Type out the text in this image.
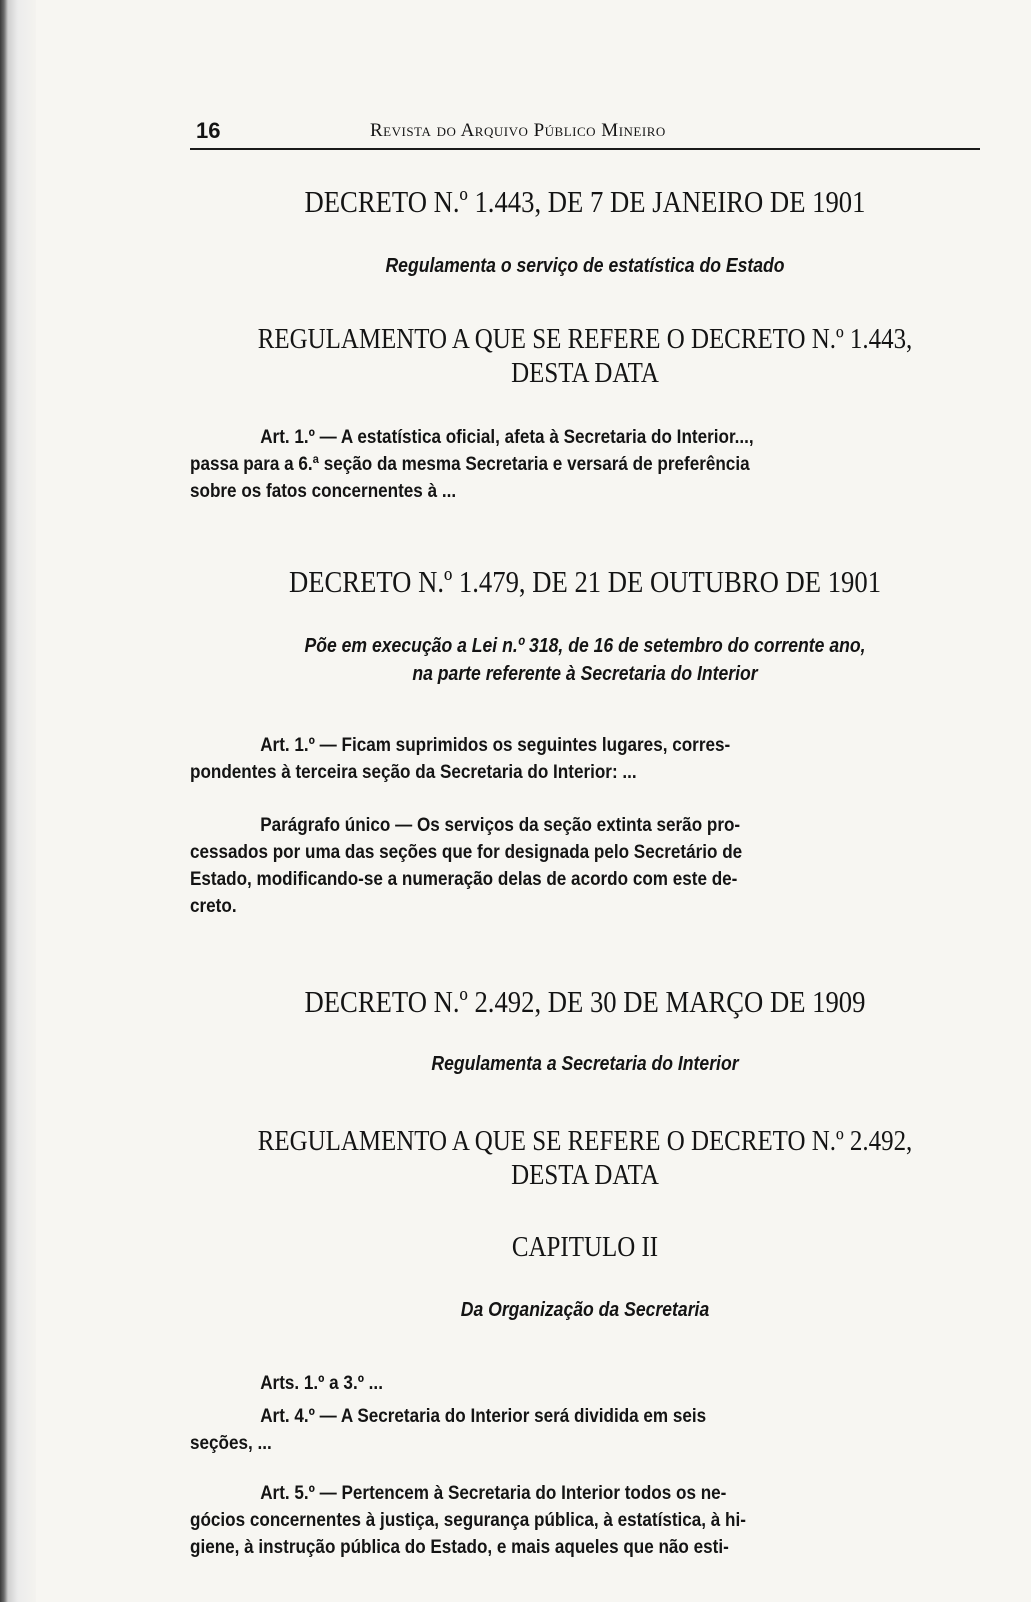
16	Revista do Arquivo Público Mineiro
DECRETO N.º 1.443, DE 7 DE JANEIRO DE 1901
Regulamenta o serviço de estatística do Estado
REGULAMENTO A QUE SE REFERE O DECRETO N.º 1.443,
DESTA DATA
Art. 1.º — A estatística oficial, afeta à Secretaria do Interior...,
passa para a 6.ª seção da mesma Secretaria e versará de preferência
sobre os fatos concernentes à ...
DECRETO N.º 1.479, DE 21 DE OUTUBRO DE 1901
Põe em execução a Lei n.º 318, de 16 de setembro do corrente ano,
na parte referente à Secretaria do Interior
Art. 1.º — Ficam suprimidos os seguintes lugares, corres-
pondentes à terceira seção da Secretaria do Interior: ...
Parágrafo único — Os serviços da seção extinta serão pro-
cessados por uma das seções que for designada pelo Secretário de
Estado, modificando-se a numeração delas de acordo com este de-
creto.
DECRETO N.º 2.492, DE 30 DE MARÇO DE 1909
Regulamenta a Secretaria do Interior
REGULAMENTO A QUE SE REFERE O DECRETO N.º 2.492,
DESTA DATA
CAPITULO II
Da Organização da Secretaria
Arts. 1.º a 3.º ...
Art. 4.º — A Secretaria do Interior será dividida em seis
seções, ...
Art. 5.º — Pertencem à Secretaria do Interior todos os ne-
gócios concernentes à justiça, segurança pública, à estatística, à hi-
giene, à instrução pública do Estado, e mais aqueles que não esti-
